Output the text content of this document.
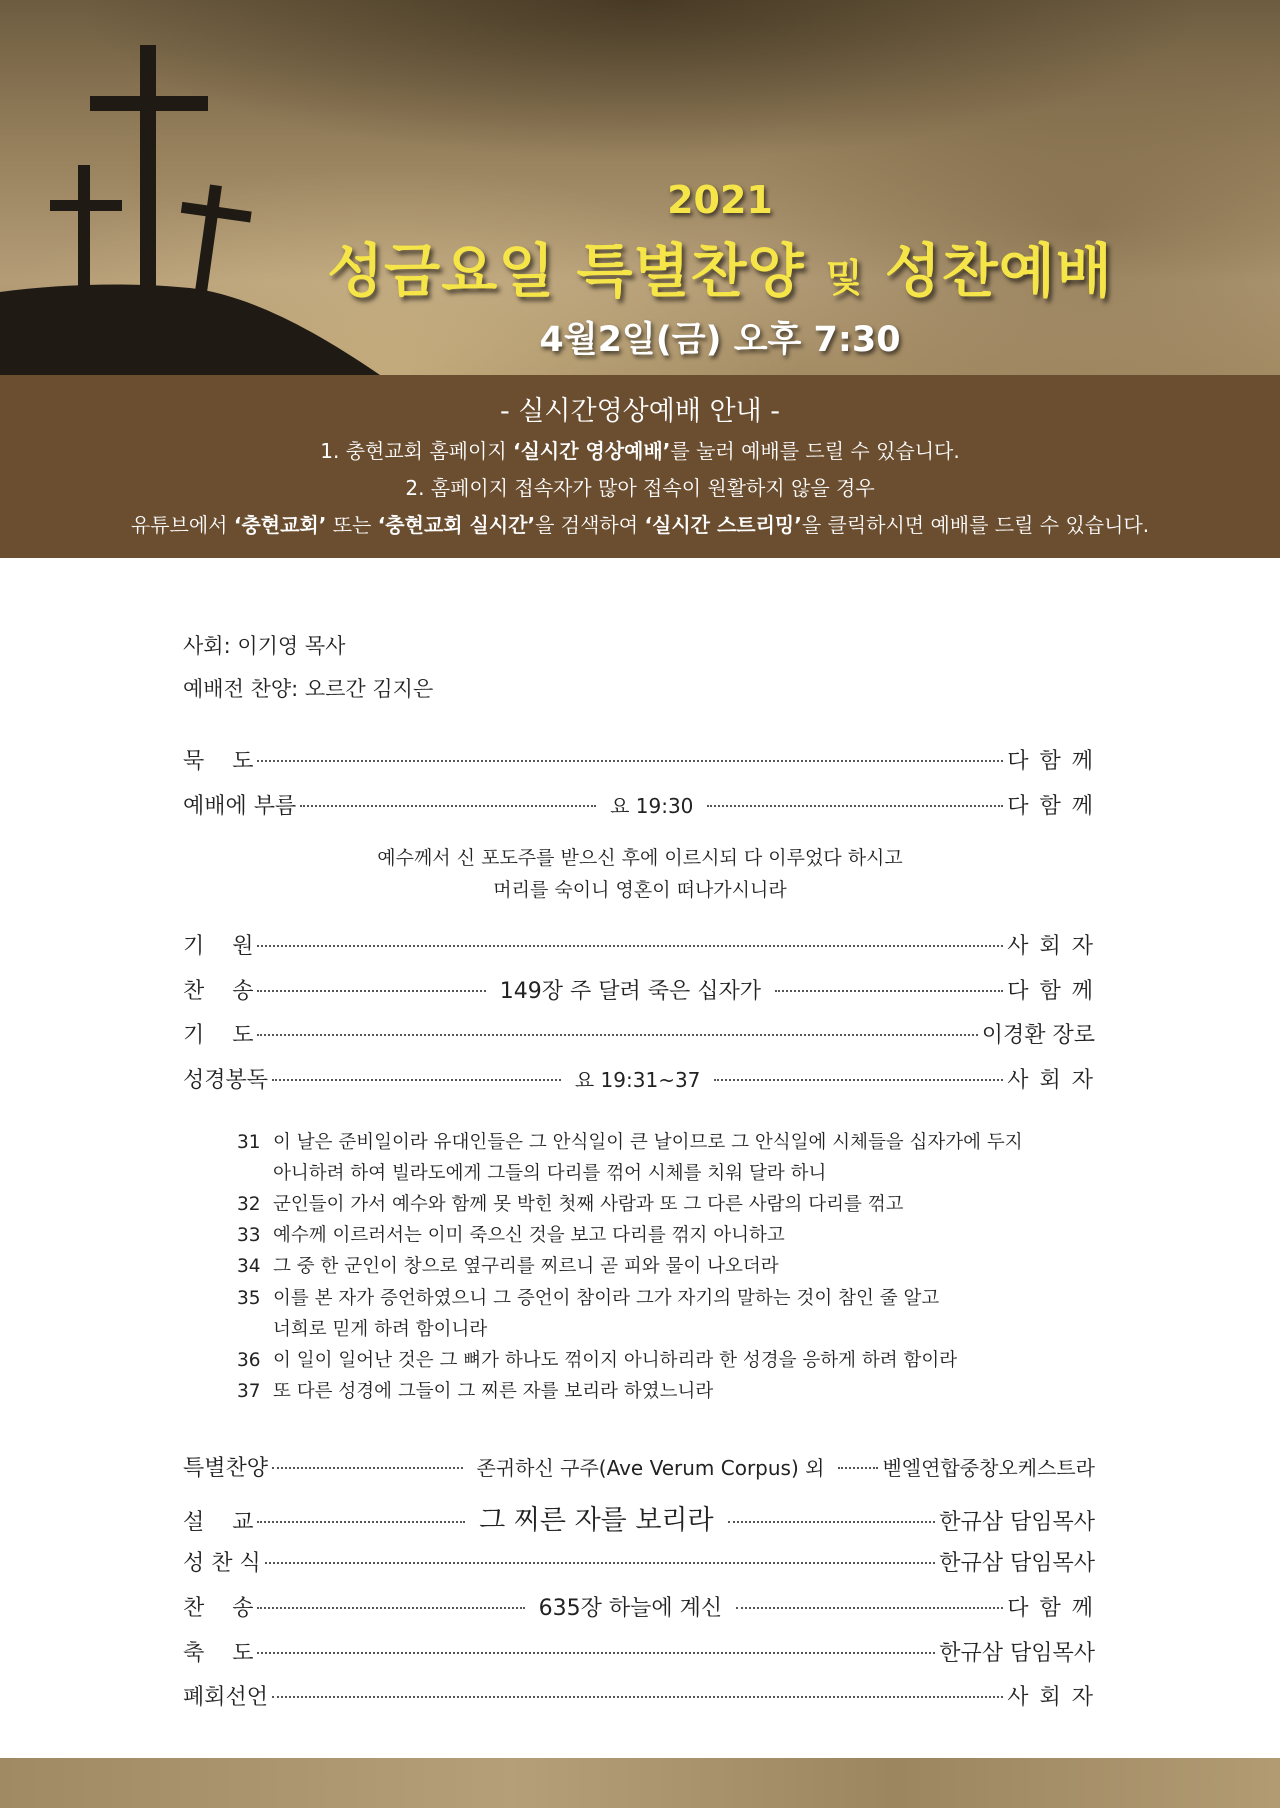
2021
성금요일 특별찬양 및 성찬예배
4월2일(금) 오후 7:30
- 실시간영상예배 안내 -
1. 충현교회 홈페이지 ‘실시간 영상예배’를 눌러 예배를 드릴 수 있습니다.
2. 홈페이지 접속자가 많아 접속이 원활하지 않을 경우
유튜브에서 ‘충현교회’ 또는 ‘충현교회 실시간’을 검색하여 ‘실시간 스트리밍’을 클릭하시면 예배를 드릴 수 있습니다.
사회: 이기영 목사
예배전 찬양: 오르간 김지은
묵    도	다 함 께
예배에 부름	요 19:30	다 함 께
예수께서 신 포도주를 받으신 후에 이르시되 다 이루었다 하시고
머리를 숙이니 영혼이 떠나가시니라
기    원	사 회 자
찬    송	149장 주 달려 죽은 십자가	다 함 께
기    도	이경환 장로
성경봉독	요 19:31~37	사 회 자
31 이 날은 준비일이라 유대인들은 그 안식일이 큰 날이므로 그 안식일에 시체들을 십자가에 두지
아니하려 하여 빌라도에게 그들의 다리를 꺾어 시체를 치워 달라 하니
32 군인들이 가서 예수와 함께 못 박힌 첫째 사람과 또 그 다른 사람의 다리를 꺾고
33 예수께 이르러서는 이미 죽으신 것을 보고 다리를 꺾지 아니하고
34 그 중 한 군인이 창으로 옆구리를 찌르니 곧 피와 물이 나오더라
35 이를 본 자가 증언하였으니 그 증언이 참이라 그가 자기의 말하는 것이 참인 줄 알고
너희로 믿게 하려 함이니라
36 이 일이 일어난 것은 그 뼈가 하나도 꺾이지 아니하리라 한 성경을 응하게 하려 함이라
37 또 다른 성경에 그들이 그 찌른 자를 보리라 하였느니라
특별찬양	존귀하신 구주(Ave Verum Corpus) 외	벧엘연합중창오케스트라
설    교	그 찌른 자를 보리라	한규삼 담임목사
성 찬 식	한규삼 담임목사
찬    송	635장 하늘에 계신	다 함 께
축    도	한규삼 담임목사
폐회선언	사 회 자
